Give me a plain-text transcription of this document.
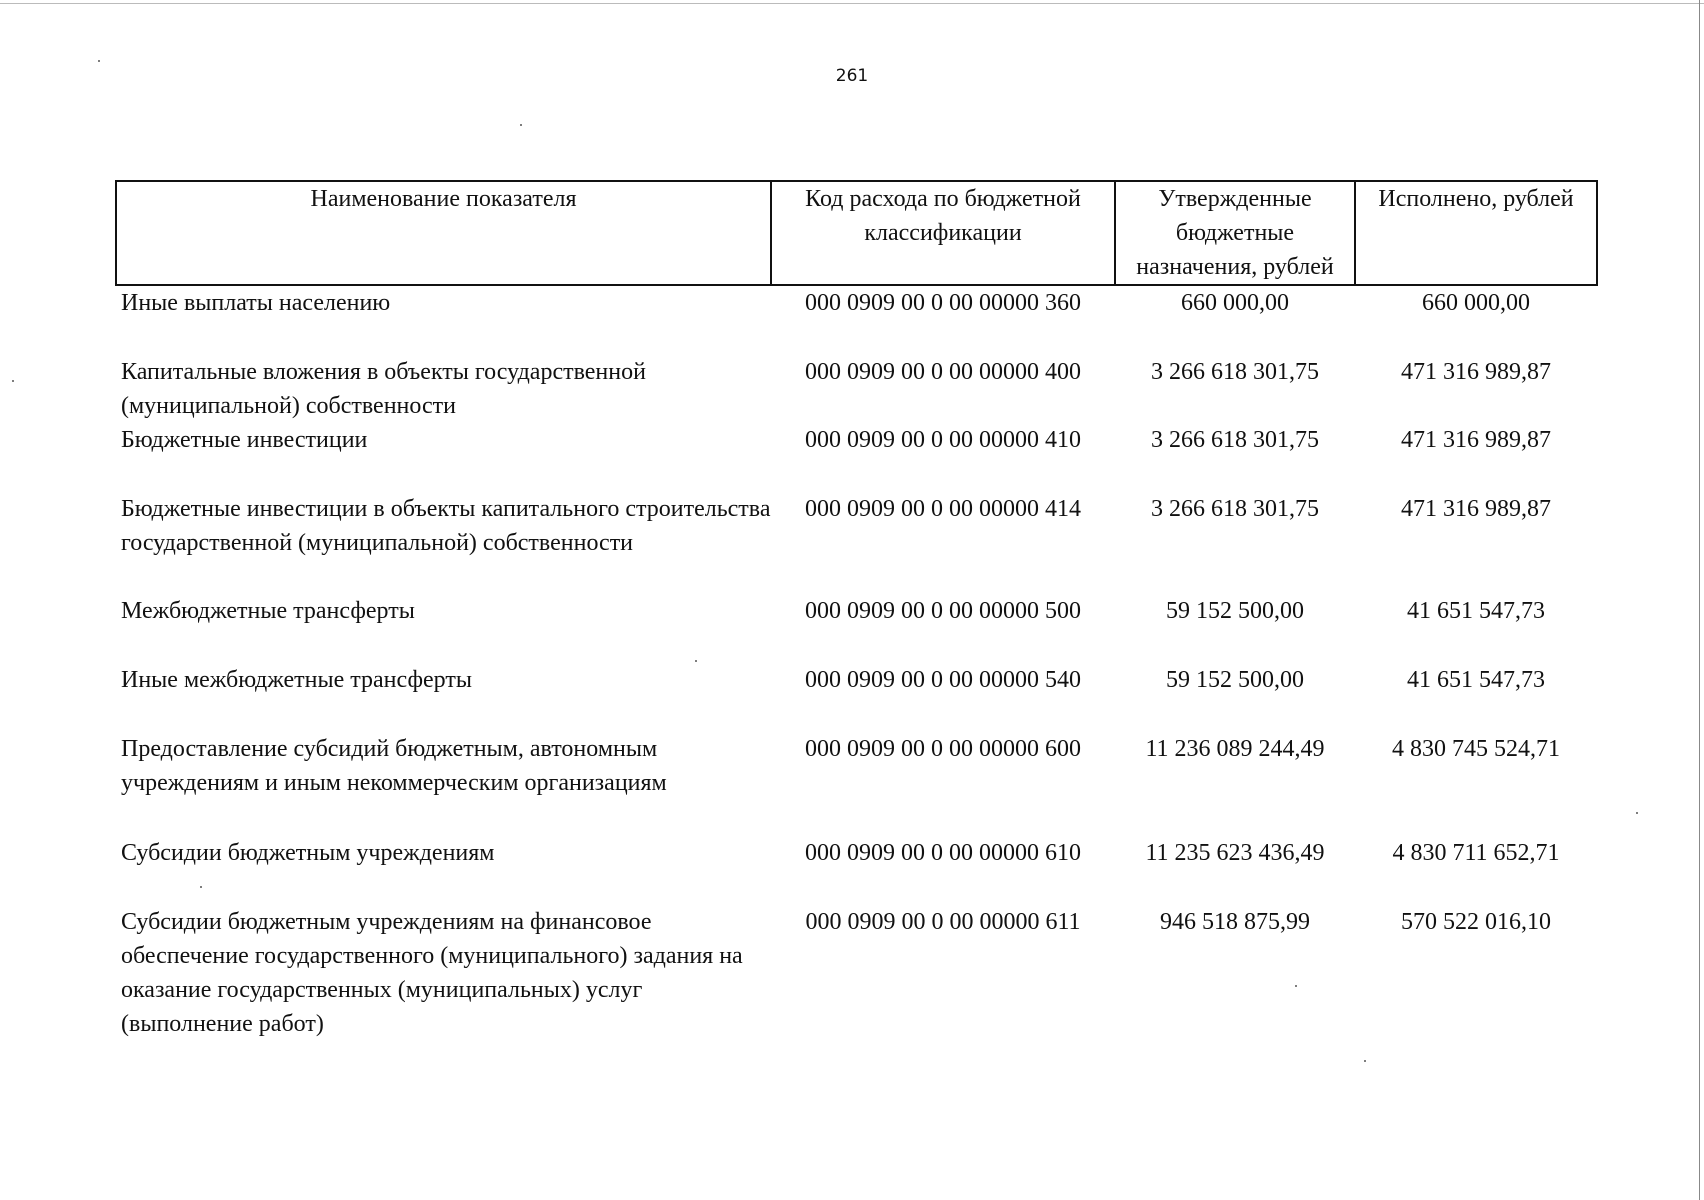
261
Наименование показателя	Код расхода по бюджетной классификации	Утвержденные бюджетные назначения, рублей	Исполнено, рублей
Иные выплаты населению	000 0909 00 0 00 00000 360	660 000,00	660 000,00
Капитальные вложения в объекты государственной (муниципальной) собственности	000 0909 00 0 00 00000 400	3 266 618 301,75	471 316 989,87
Бюджетные инвестиции	000 0909 00 0 00 00000 410	3 266 618 301,75	471 316 989,87
Бюджетные инвестиции в объекты капитального строительства государственной (муниципальной) собственности	000 0909 00 0 00 00000 414	3 266 618 301,75	471 316 989,87
Межбюджетные трансферты	000 0909 00 0 00 00000 500	59 152 500,00	41 651 547,73
Иные межбюджетные трансферты	000 0909 00 0 00 00000 540	59 152 500,00	41 651 547,73
Предоставление субсидий бюджетным, автономным учреждениям и иным некоммерческим организациям	000 0909 00 0 00 00000 600	11 236 089 244,49	4 830 745 524,71
Субсидии бюджетным учреждениям	000 0909 00 0 00 00000 610	11 235 623 436,49	4 830 711 652,71
Субсидии бюджетным учреждениям на финансовое обеспечение государственного (муниципального) задания на оказание государственных (муниципальных) услуг (выполнение работ)	000 0909 00 0 00 00000 611	946 518 875,99	570 522 016,10
